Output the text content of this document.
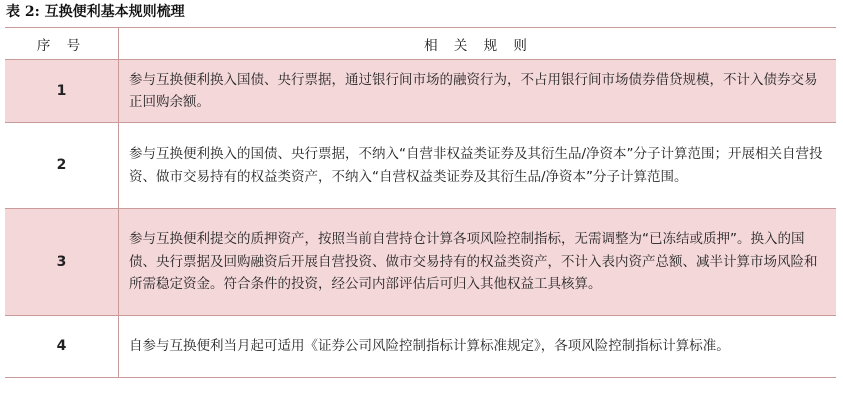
表 2: 互换便利基本规则梳理
序 号	相 关 规 则
1	参与互换便利换入国债、央行票据，通过银行间市场的融资行为，不占用银行间市场债券借贷规模，不计入债券交易正回购余额。
2	参与互换便利换入的国债、央行票据，不纳入“自营非权益类证券及其衍生品/净资本”分子计算范围；开展相关自营投资、做市交易持有的权益类资产，不纳入“自营权益类证券及其衍生品/净资本”分子计算范围。
3	参与互换便利提交的质押资产，按照当前自营持仓计算各项风险控制指标，无需调整为“已冻结或质押”。换入的国债、央行票据及回购融资后开展自营投资、做市交易持有的权益类资产，不计入表内资产总额、减半计算市场风险和所需稳定资金。符合条件的投资，经公司内部评估后可归入其他权益工具核算。
4	自参与互换便利当月起可适用《证券公司风险控制指标计算标准规定》，各项风险控制指标计算标准。
